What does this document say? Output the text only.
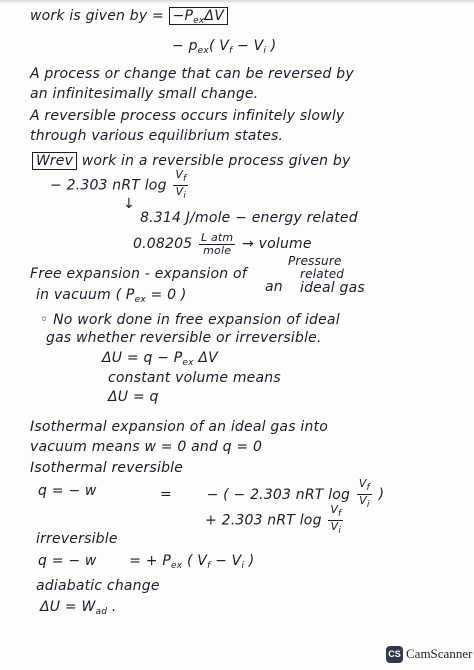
work is given by = $-P_{ex}\Delta V$
− $p_{ex}$( $V_f - V_i$ )
A process or change that can be reversed by
an infinitesimally small change.
A reversible process occurs infinitely slowly
through various equilibrium states.
Wrev work in a reversible process given by
− 2.303 nRT $\log \frac{V_f}{V_i}$
↓
8.314 J/mole − energy related
$0.08205 \frac{\text{L atm}}{\text{mole}}$ → volume
Pressure
related
Free expansion - expansion of
an ideal gas
in vacuum ( $P_{ex} = 0$ )
◦ No work done in free expansion of ideal
gas whether reversible or irreversible.
$\Delta U = q - P_{ex}$ ΔV
constant volume means
ΔU = q
Isothermal expansion of an ideal gas into
vacuum means w = 0 and q = 0
Isothermal reversible
q = − w	= − ( − 2.303 nRT $\log \frac{V_f}{V_i}$ )
+ 2.303 nRT $\log \frac{V_f}{V_i}$
irreversible
q = − w = + $P_{ex}$ ( $V_f - V_i$ )
adiabatic change
$\Delta U = W_{ad}$ .
CS CamScanner
